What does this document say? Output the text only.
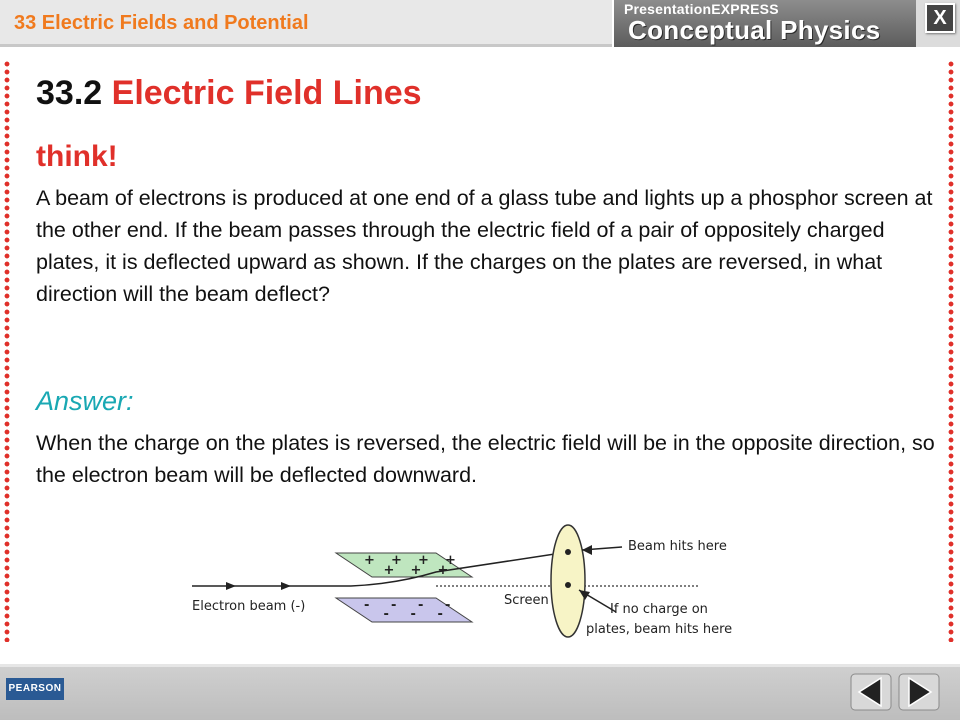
33 Electric Fields and Potential
PresentationEXPRESS
Conceptual Physics	X
33.2 Electric Field Lines
think!
A beam of electrons is produced at one end of a glass tube and lights up a phosphor screen at the other end. If the beam passes through the electric field of a pair of oppositely charged plates, it is deflected upward as shown. If the charges on the plates are reversed, in what direction will the beam deflect?
Answer:
When the charge on the plates is reversed, the electric field will be in the opposite direction, so the electron beam will be deflected downward.
+
+
+
+
+
+
+
-
-
-
-
-
-
-
Electron beam (-)	Screen
Beam hits here
If no charge on
plates, beam hits here
PEARSON
